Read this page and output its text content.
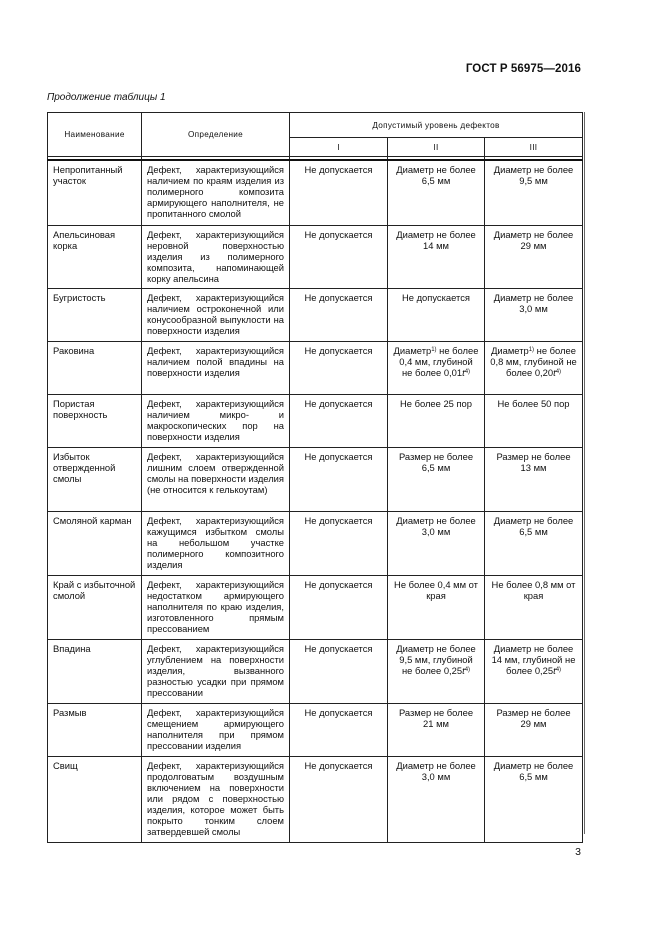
ГОСТ Р 56975—2016
Продолжение таблицы 1
Наименование	Определение	Допустимый уровень дефектов		
		I	II	III

Непропитанный участок	Дефект, характеризующийся наличием по краям изделия из полимерного композита армирующего наполнителя, не пропитанного смолой	Не допускается	Диаметр не более 6,5 мм	Диаметр не более 9,5 мм
Апельсиновая корка	Дефект, характеризующийся неровной поверхностью изделия из полимерного композита, напоминающей корку апельсина	Не допускается	Диаметр не более 14 мм	Диаметр не более 29 мм
Бугристость	Дефект, характеризующийся наличием остроконечной или конусообразной выпуклости на поверхности изделия	Не допускается	Не допускается	Диаметр не более 3,0 мм
Раковина	Дефект, характеризующийся наличием полой впадины на поверхности изделия	Не допускается	Диаметр$^{1)}$ не более 0,4 мм, глубиной не более $0,01t^{4)}$	Диаметр$^{1)}$ не более 0,8 мм, глубиной не более $0,20t^{4)}$
Пористая поверхность	Дефект, характеризующийся наличием микро- и макроскопических пор на поверхности изделия	Не допускается	Не более 25 пор	Не более 50 пор
Избыток отвержденной смолы	Дефект, характеризующийся лишним слоем отвержденной смолы на поверхности изделия (не относится к гелькоутам)	Не допускается	Размер не более 6,5 мм	Размер не более 13 мм
Смоляной карман	Дефект, характеризующийся кажущимся избытком смолы на небольшом участке полимерного композитного изделия	Не допускается	Диаметр не более 3,0 мм	Диаметр не более 6,5 мм
Край с избыточной смолой	Дефект, характеризующийся недостатком армирующего наполнителя по краю изделия, изготовленного прямым прессованием	Не допускается	Не более 0,4 мм от края	Не более 0,8 мм от края
Впадина	Дефект, характеризующийся углублением на поверхности изделия, вызванного разностью усадки при прямом прессовании	Не допускается	Диаметр не более 9,5 мм, глубиной не более $0,25t^{4)}$	Диаметр не более 14 мм, глубиной не более $0,25t^{4)}$
Размыв	Дефект, характеризующийся смещением армирующего наполнителя при прямом прессовании изделия	Не допускается	Размер не более 21 мм	Размер не более 29 мм
Свищ	Дефект, характеризующийся продолговатым воздушным включением на поверхности или рядом с поверхностью изделия, которое может быть покрыто тонким слоем затвердевшей смолы	Не допускается	Диаметр не более 3,0 мм	Диаметр не более 6,5 мм
3
